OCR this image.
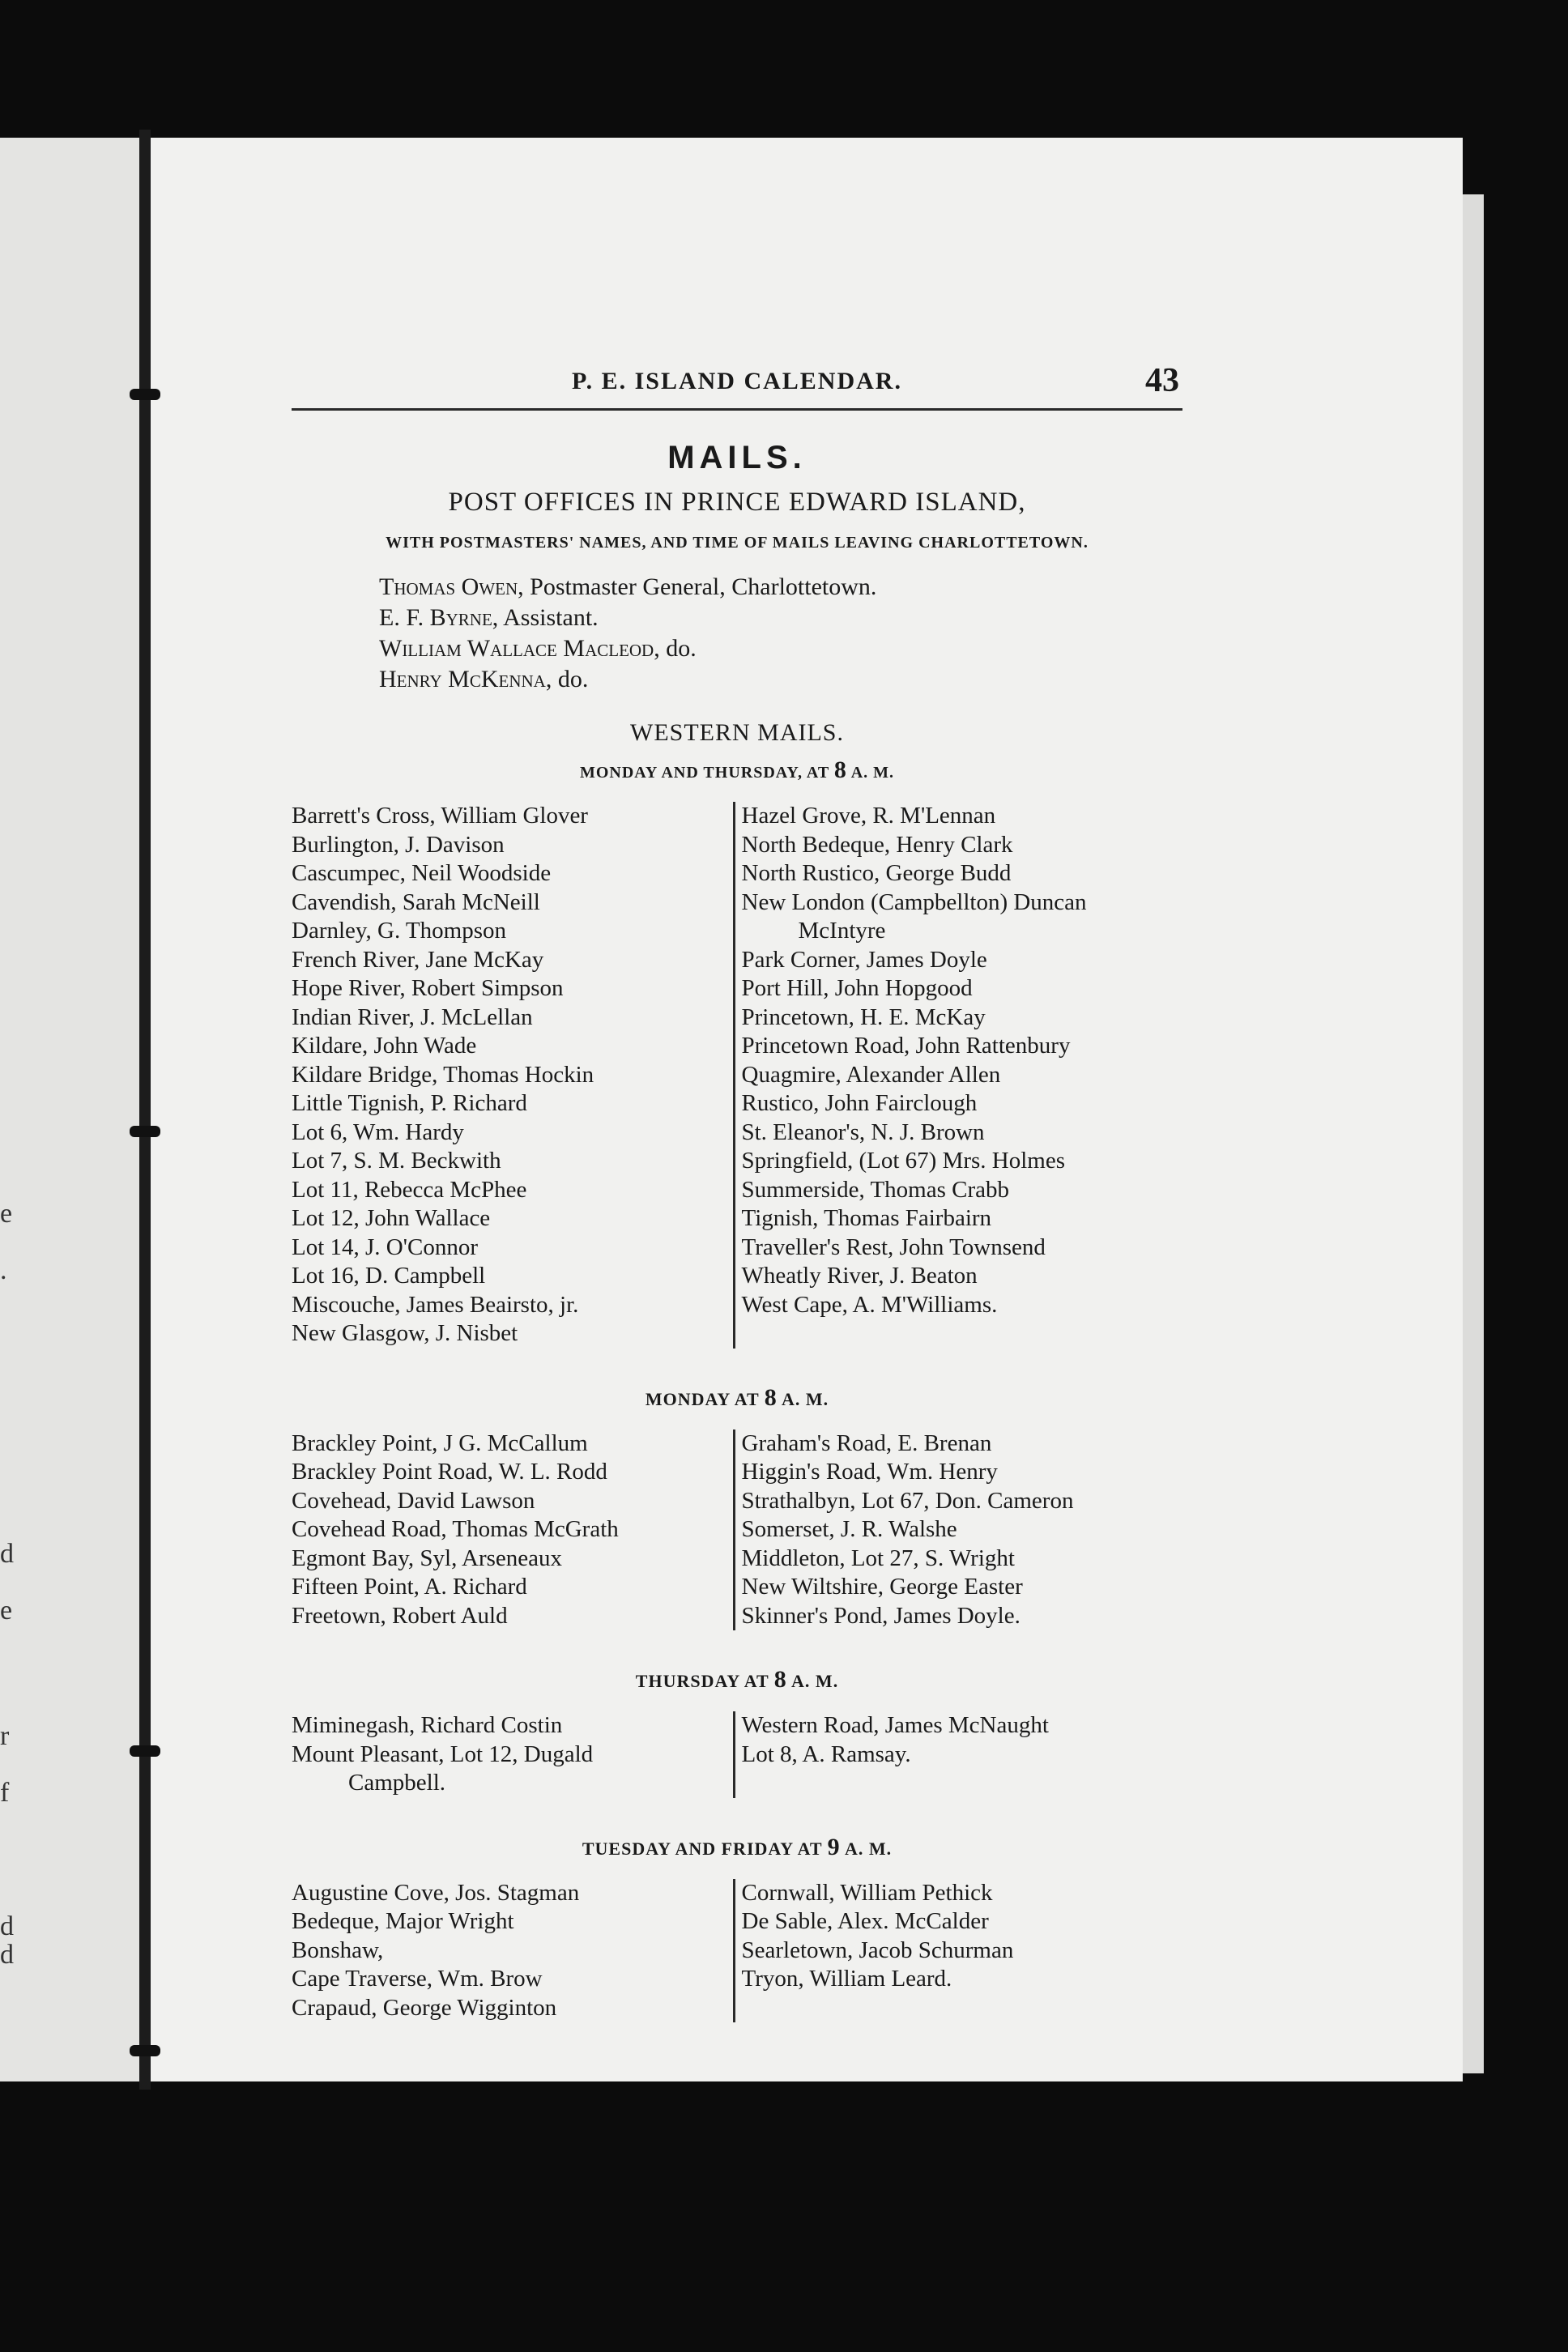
e
.
d
e
r
f
d
d
P. E. ISLAND CALENDAR.	43
MAILS.
POST OFFICES IN PRINCE EDWARD ISLAND,
WITH POSTMASTERS' NAMES, AND TIME OF MAILS LEAVING CHARLOTTETOWN.
Thomas Owen, Postmaster General, Charlottetown.
E. F. Byrne, Assistant.
William Wallace Macleod, do.
Henry McKenna, do.
WESTERN MAILS.
MONDAY AND THURSDAY, AT 8 A. M.
Barrett's Cross, William Glover
Burlington, J. Davison
Cascumpec, Neil Woodside
Cavendish, Sarah McNeill
Darnley, G. Thompson
French River, Jane McKay
Hope River, Robert Simpson
Indian River, J. McLellan
Kildare, John Wade
Kildare Bridge, Thomas Hockin
Little Tignish, P. Richard
Lot 6, Wm. Hardy
Lot 7, S. M. Beckwith
Lot 11, Rebecca McPhee
Lot 12, John Wallace
Lot 14, J. O'Connor
Lot 16, D. Campbell
Miscouche, James Beairsto, jr.
New Glasgow, J. Nisbet
Hazel Grove, R. M'Lennan
North Bedeque, Henry Clark
North Rustico, George Budd
New London (Campbellton) Duncan
McIntyre
Park Corner, James Doyle
Port Hill, John Hopgood
Princetown, H. E. McKay
Princetown Road, John Rattenbury
Quagmire, Alexander Allen
Rustico, John Fairclough
St. Eleanor's, N. J. Brown
Springfield, (Lot 67) Mrs. Holmes
Summerside, Thomas Crabb
Tignish, Thomas Fairbairn
Traveller's Rest, John Townsend
Wheatly River, J. Beaton
West Cape, A. M'Williams.
MONDAY AT 8 A. M.
Brackley Point, J G. McCallum
Brackley Point Road, W. L. Rodd
Covehead, David Lawson
Covehead Road, Thomas McGrath
Egmont Bay, Syl, Arseneaux
Fifteen Point, A. Richard
Freetown, Robert Auld
Graham's Road, E. Brenan
Higgin's Road, Wm. Henry
Strathalbyn, Lot 67, Don. Cameron
Somerset, J. R. Walshe
Middleton, Lot 27, S. Wright
New Wiltshire, George Easter
Skinner's Pond, James Doyle.
THURSDAY AT 8 A. M.
Miminegash, Richard Costin
Mount Pleasant, Lot 12, Dugald
Campbell.
Western Road, James McNaught
Lot 8, A. Ramsay.
TUESDAY AND FRIDAY AT 9 A. M.
Augustine Cove, Jos. Stagman
Bedeque, Major Wright
Bonshaw,
Cape Traverse, Wm. Brow
Crapaud, George Wigginton
Cornwall, William Pethick
De Sable, Alex. McCalder
Searletown, Jacob Schurman
Tryon, William Leard.
